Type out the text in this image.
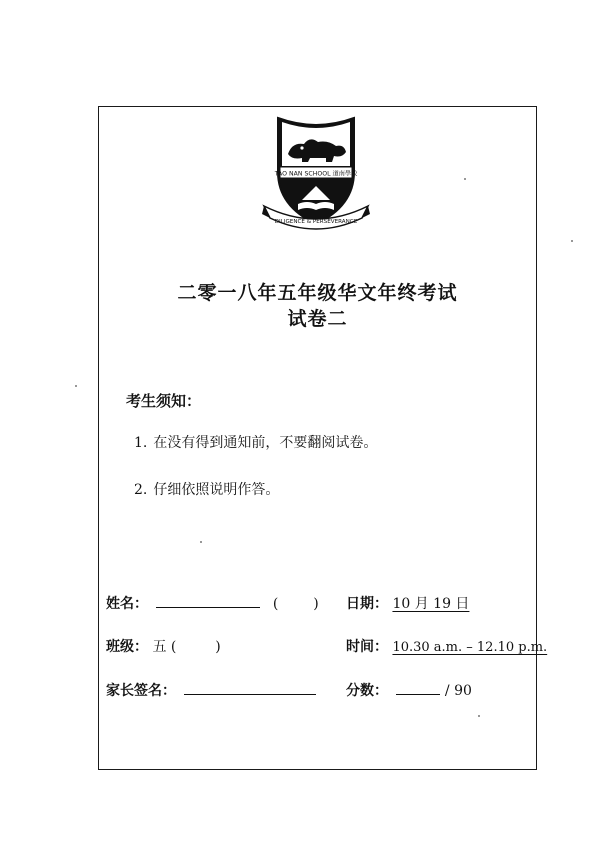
TAO NAN SCHOOL 道南學校
DILIGENCE & PERSEVERANCE
二零一八年五年级华文年终考试
试卷二
考生须知：
1. 在没有得到通知前，不要翻阅试卷。
2. 仔细依照说明作答。
姓名：	( ) 日期： 10 月 19 日
班级： 五 (	)	时间： 10.30 a.m. – 12.10 p.m.
家长签名：	分数：	/ 90
